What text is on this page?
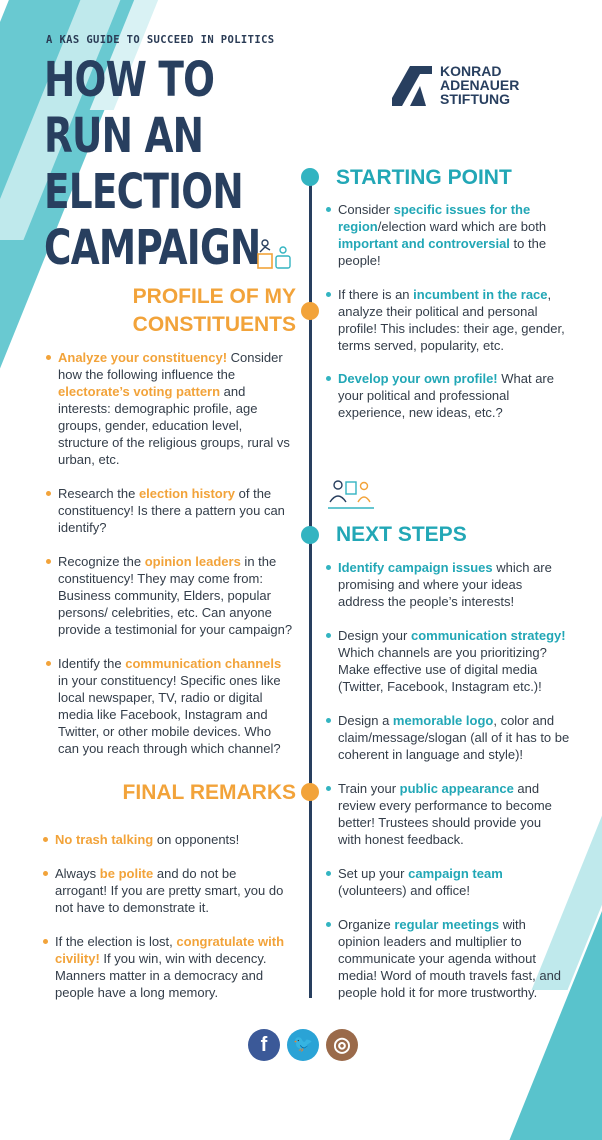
A KAS GUIDE TO SUCCEED IN POLITICS
HOW TO RUN AN ELECTION CAMPAIGN
KONRAD
ADENAUER
STIFTUNG
STARTING POINT
Consider specific issues for the region/election ward which are both important and controversial to the people!
If there is an incumbent in the race, analyze their political and personal profile! This includes: their age, gender, terms served, popularity, etc.
Develop your own profile! What are your political and professional experience, new ideas, etc.?
PROFILE OF MY
CONSTITUENTS
Analyze your constituency! Consider how the following influence the electorate’s voting pattern and interests: demographic profile, age groups, gender, education level, structure of the religious groups, rural vs urban, etc.
Research the election history of the constituency! Is there a pattern you can identify?
Recognize the opinion leaders in the constituency! They may come from: Business community, Elders, popular persons/ celebrities, etc. Can anyone provide a testimonial for your campaign?
Identify the communication channels in your constituency! Specific ones like local newspaper, TV, radio or digital media like Facebook, Instagram and Twitter, or other mobile devices. Who can you reach through which channel?
NEXT STEPS
Identify campaign issues which are promising and where your ideas address the people’s interests!
Design your communication strategy! Which channels are you prioritizing? Make effective use of digital media (Twitter, Facebook, Instagram etc.)!
Design a memorable logo, color and claim/message/slogan (all of it has to be coherent in language and style)!
Train your public appearance and review every performance to become better! Trustees should provide you with honest feedback.
Set up your campaign team (volunteers) and office!
Organize regular meetings with opinion leaders and multiplier to communicate your agenda without media! Word of mouth travels fast, and people hold it for more trustworthy.
FINAL REMARKS
No trash talking on opponents!
Always be polite and do not be arrogant! If you are pretty smart, you do not have to demonstrate it.
If the election is lost, congratulate with civility! If you win, win with decency. Manners matter in a democracy and people have a long memory.
f	🐦	◎
